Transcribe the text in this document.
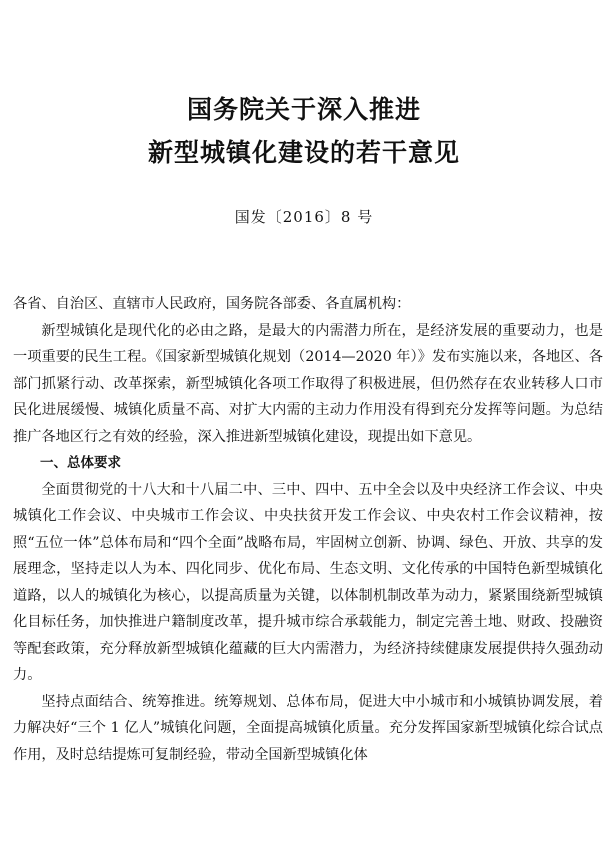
国务院关于深入推进
新型城镇化建设的若干意见
国发〔2016〕8 号

各省、自治区、直辖市人民政府，国务院各部委、各直属机构：

新型城镇化是现代化的必由之路，是最大的内需潜力所在，是经济发展的重要动力，也是一项重要的民生工程。《国家新型城镇化规划（2014—2020 年）》发布实施以来，各地区、各部门抓紧行动、改革探索，新型城镇化各项工作取得了积极进展，但仍然存在农业转移人口市民化进展缓慢、城镇化质量不高、对扩大内需的主动力作用没有得到充分发挥等问题。为总结推广各地区行之有效的经验，深入推进新型城镇化建设，现提出如下意见。

一、总体要求

全面贯彻党的十八大和十八届二中、三中、四中、五中全会以及中央经济工作会议、中央城镇化工作会议、中央城市工作会议、中央扶贫开发工作会议、中央农村工作会议精神，按照“五位一体”总体布局和“四个全面”战略布局，牢固树立创新、协调、绿色、开放、共享的发展理念，坚持走以人为本、四化同步、优化布局、生态文明、文化传承的中国特色新型城镇化道路，以人的城镇化为核心，以提高质量为关键，以体制机制改革为动力，紧紧围绕新型城镇化目标任务，加快推进户籍制度改革，提升城市综合承载能力，制定完善土地、财政、投融资等配套政策，充分释放新型城镇化蕴藏的巨大内需潜力，为经济持续健康发展提供持久强劲动力。

坚持点面结合、统筹推进。统筹规划、总体布局，促进大中小城市和小城镇协调发展，着力解决好“三个 1 亿人”城镇化问题，全面提高城镇化质量。充分发挥国家新型城镇化综合试点作用，及时总结提炼可复制经验，带动全国新型城镇化体
